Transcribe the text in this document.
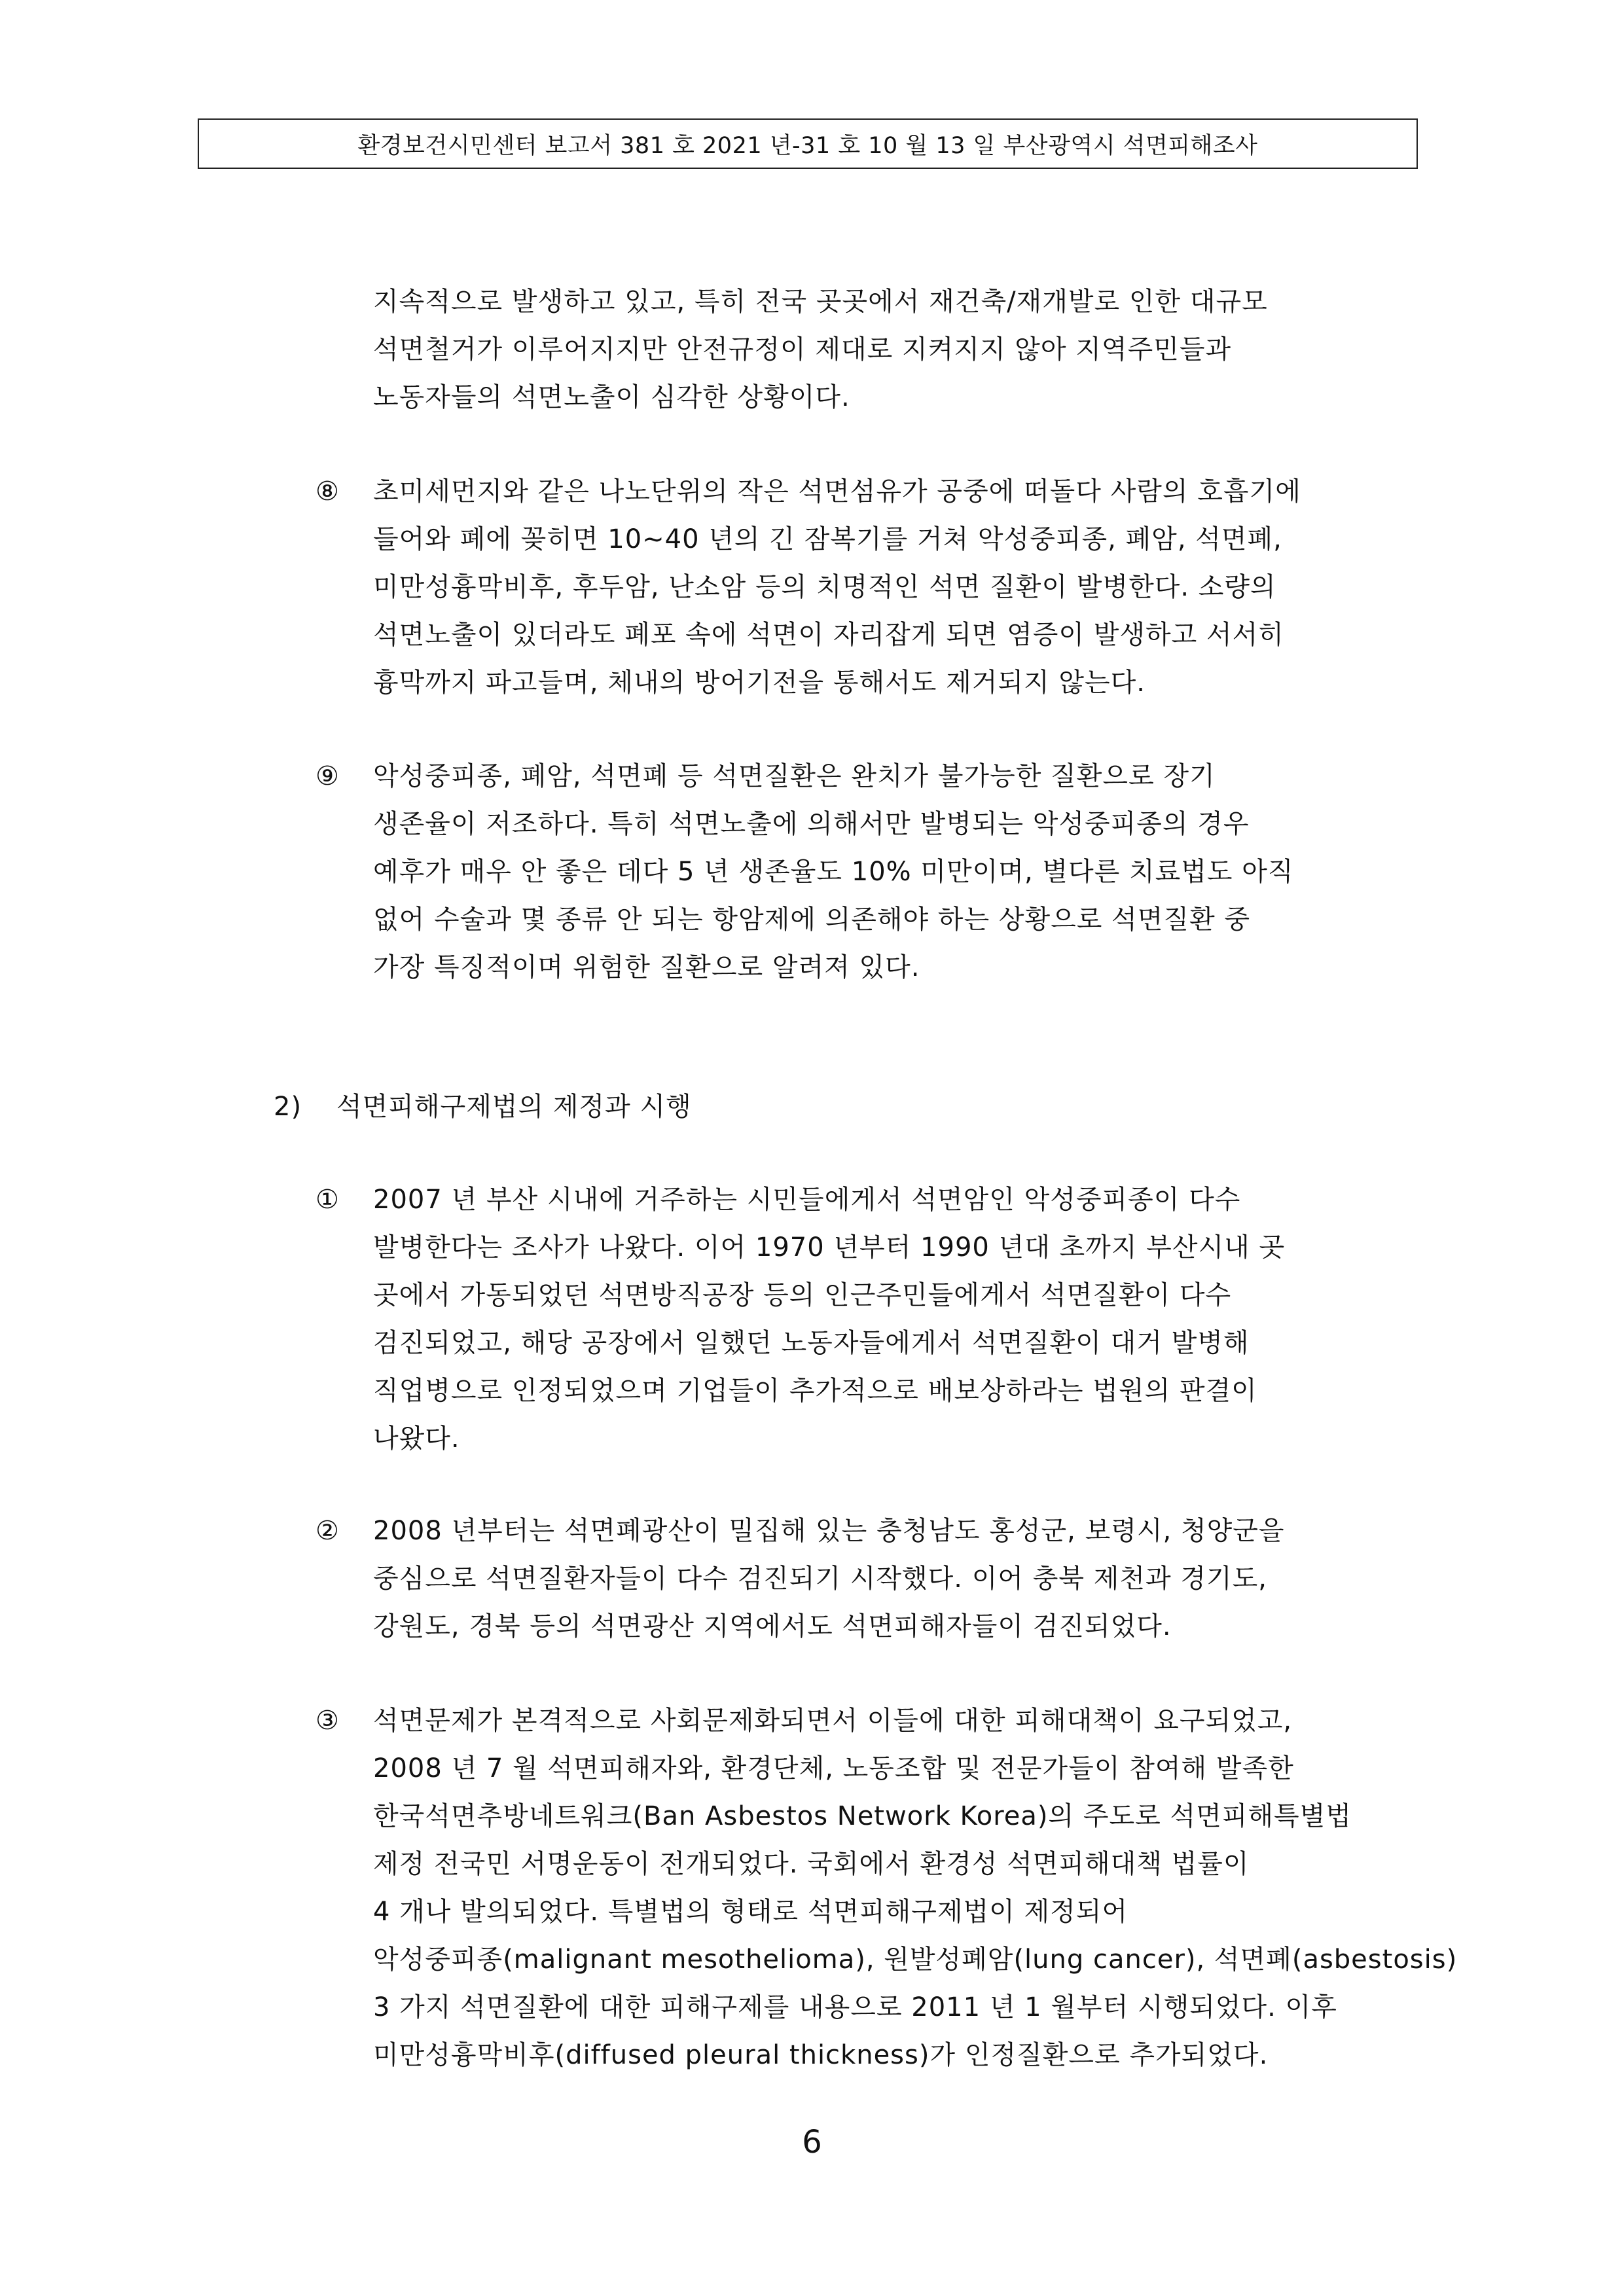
환경보건시민센터 보고서 381 호 2021 년-31 호 10 월 13 일 부산광역시 석면피해조사
지속적으로 발생하고 있고, 특히 전국 곳곳에서 재건축/재개발로 인한 대규모
석면철거가 이루어지지만 안전규정이 제대로 지켜지지 않아 지역주민들과
노동자들의 석면노출이 심각한 상황이다.
⑧ 초미세먼지와 같은 나노단위의 작은 석면섬유가 공중에 떠돌다 사람의 호흡기에
들어와 폐에 꽂히면 10~40 년의 긴 잠복기를 거쳐 악성중피종, 폐암, 석면폐,
미만성흉막비후, 후두암, 난소암 등의 치명적인 석면 질환이 발병한다. 소량의
석면노출이 있더라도 폐포 속에 석면이 자리잡게 되면 염증이 발생하고 서서히
흉막까지 파고들며, 체내의 방어기전을 통해서도 제거되지 않는다.
⑨ 악성중피종, 폐암, 석면폐 등 석면질환은 완치가 불가능한 질환으로 장기
생존율이 저조하다. 특히 석면노출에 의해서만 발병되는 악성중피종의 경우
예후가 매우 안 좋은 데다 5 년 생존율도 10% 미만이며, 별다른 치료법도 아직
없어 수술과 몇 종류 안 되는 항암제에 의존해야 하는 상황으로 석면질환 중
가장 특징적이며 위험한 질환으로 알려져 있다.
2) 석면피해구제법의 제정과 시행
① 2007 년 부산 시내에 거주하는 시민들에게서 석면암인 악성중피종이 다수
발병한다는 조사가 나왔다. 이어 1970 년부터 1990 년대 초까지 부산시내 곳
곳에서 가동되었던 석면방직공장 등의 인근주민들에게서 석면질환이 다수
검진되었고, 해당 공장에서 일했던 노동자들에게서 석면질환이 대거 발병해
직업병으로 인정되었으며 기업들이 추가적으로 배보상하라는 법원의 판결이
나왔다.
② 2008 년부터는 석면폐광산이 밀집해 있는 충청남도 홍성군, 보령시, 청양군을
중심으로 석면질환자들이 다수 검진되기 시작했다. 이어 충북 제천과 경기도,
강원도, 경북 등의 석면광산 지역에서도 석면피해자들이 검진되었다.
③ 석면문제가 본격적으로 사회문제화되면서 이들에 대한 피해대책이 요구되었고,
2008 년 7 월 석면피해자와, 환경단체, 노동조합 및 전문가들이 참여해 발족한
한국석면추방네트워크(Ban Asbestos Network Korea)의 주도로 석면피해특별법
제정 전국민 서명운동이 전개되었다. 국회에서 환경성 석면피해대책 법률이
4 개나 발의되었다. 특별법의 형태로 석면피해구제법이 제정되어
악성중피종(malignant mesothelioma), 원발성폐암(lung cancer), 석면폐(asbestosis)
3 가지 석면질환에 대한 피해구제를 내용으로 2011 년 1 월부터 시행되었다. 이후
미만성흉막비후(diffused pleural thickness)가 인정질환으로 추가되었다.
6
